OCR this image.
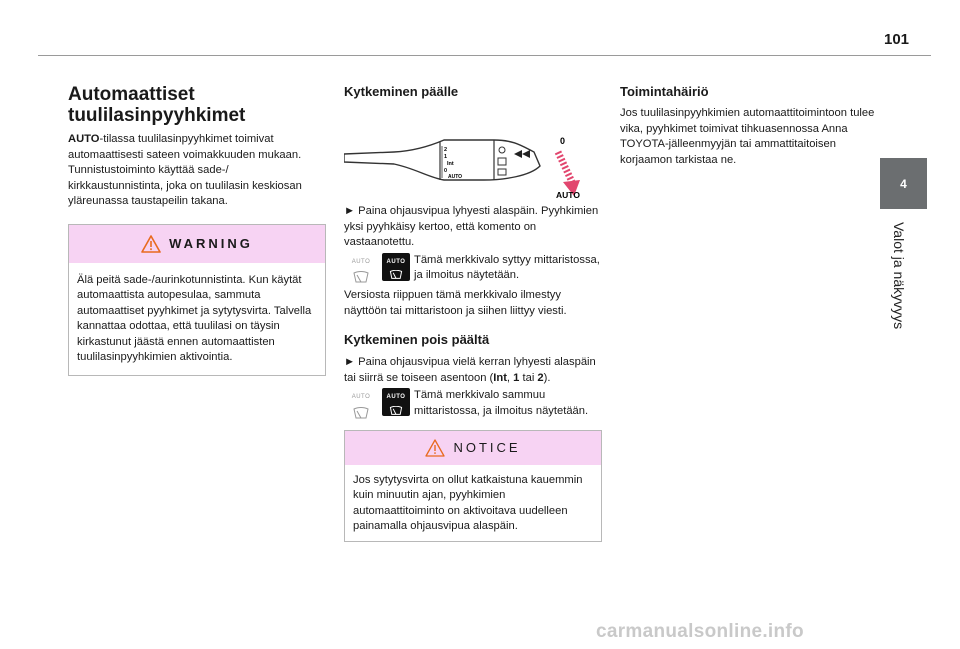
101
4
Valot ja näkyvyys
Automaattiset
tuulilasinpyyhkimet

AUTO-tilassa tuulilasinpyyhkimet toimivat automaattisesti sateen voimakkuuden mukaan. Tunnistustoiminto käyttää sade-/ kirkkaustunnistinta, joka on tuulilasin keskiosan yläreunassa taustapeilin takana.

WARNING
Älä peitä sade-/aurinkotunnistinta. Kun käytät automaattista autopesulaa, sammuta automaattiset pyyhkimet ja sytytysvirta. Talvella kannattaa odottaa, että tuulilasi on täysin kirkastunut jäästä ennen automaattisten tuulilasinpyyhkimien aktivointia.
Kytkeminen päälle
2
1
Int
0
AUTO
0
AUTO

► Paina ohjausvipua lyhyesti alaspäin. Pyyhkimien yksi pyyhkäisy kertoo, että komento on vastaanotettu.

AUTO	AUTO Tämä merkkivalo syttyy mittaristossa, ja ilmoitus näytetään.

Versiosta riippuen tämä merkkivalo ilmestyy näyttöön tai mittaristoon ja siihen liittyy viesti.

Kytkeminen pois päältä

► Paina ohjausvipua vielä kerran lyhyesti alaspäin tai siirrä se toiseen asentoon (Int, 1 tai 2).

AUTO	AUTO Tämä merkkivalo sammuu mittaristossa, ja ilmoitus näytetään.
NOTICE
Jos sytytysvirta on ollut katkaistuna kauemmin kuin minuutin ajan, pyyhkimien automaattitoiminto on aktivoitava uudelleen painamalla ohjausvipua alaspäin.
Toimintahäiriö

Jos tuulilasinpyyhkimien automaattitoimintoon tulee vika, pyyhkimet toimivat tihkuasennossa Anna TOYOTA-jälleenmyyjän tai ammattitaitoisen korjaamon tarkistaa ne.

carmanualsonline.info
